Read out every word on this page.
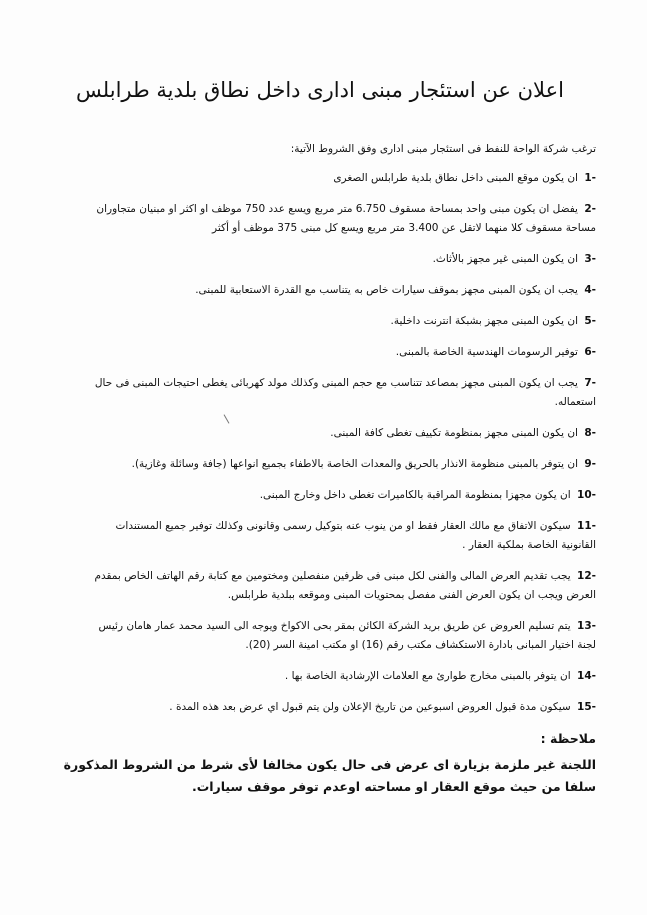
اعلان عن استئجار مبنى ادارى داخل نطاق بلدية طرابلس
ترغب شركة الواحة للنفط فى استئجار مبنى ادارى وفق الشروط الآتية:
-1 ان يكون موقع المبنى داخل نطاق بلدية طرابلس الصغرى
-2 يفضل ان يكون مبنى واحد بمساحة مسقوف 6.750 متر مربع ويسع عدد 750 موظف او اكثر او مبنيان متجاوران مساحة مسقوف كلا منهما لاتقل عن 3.400 متر مربع ويسع كل مبنى 375 موظف أو أكثر
-3 ان يكون المبنى غير مجهز بالأثاث.
-4 يجب ان يكون المبنى مجهز بموقف سيارات خاص به يتناسب مع القدرة الاستعابية للمبنى.
-5 ان يكون المبنى مجهز بشبكة انترنت داخلية.
-6 توفير الرسومات الهندسية الخاصة بالمبنى.
-7 يجب ان يكون المبنى مجهز بمصاعد تتناسب مع حجم المبنى وكذلك مولد كهربائى يغطى احتيجات المبنى فى حال استعماله.
-8 ان يكون المبنى مجهز بمنظومة تكييف تغطى كافة المبنى.
-9 ان يتوفر بالمبنى منظومة الانذار بالحريق والمعدات الخاصة بالاطفاء بجميع انواعها (جافة وسائلة وغازية).
-10 ان يكون مجهزا بمنظومة المراقبة بالكاميرات تغطى داخل وخارج المبنى.
-11 سيكون الاتفاق مع مالك العقار فقط او من ينوب عنه بتوكيل رسمى وقانونى وكذلك توفير جميع المستندات القانونية الخاصة بملكية العقار .
-12 يجب تقديم العرض المالى والفنى لكل مبنى فى ظرفين منفصلين ومختومين مع كتابة رقم الهاتف الخاص بمقدم العرض ويجب ان يكون العرض الفنى مفصل بمحتويات المبنى وموقعه ببلدية طرابلس.
-13 يتم تسليم العروض عن طريق بريد الشركة الكائن بمقر بحى الاكواخ ويوجه الى السيد محمد عمار هامان رئيس لجنة اختيار المبانى بادارة الاستكشاف مكتب رقم (16) او مكتب امينة السر (20).
-14 ان يتوفر بالمبنى مخارج طوارئ مع العلامات الإرشادية الخاصة بها .
-15 سيكون مدة قبول العروض اسبوعين من تاريخ الإعلان ولن يتم قبول اي عرض بعد هذه المدة .
ملاحظة :
اللجنة غير ملزمة بزيارة اى عرض فى حال يكون مخالفا لأى شرط من الشروط المذكورة سلفا من حيث موقع العقار او مساحته اوعدم توفر موقف سيارات.
